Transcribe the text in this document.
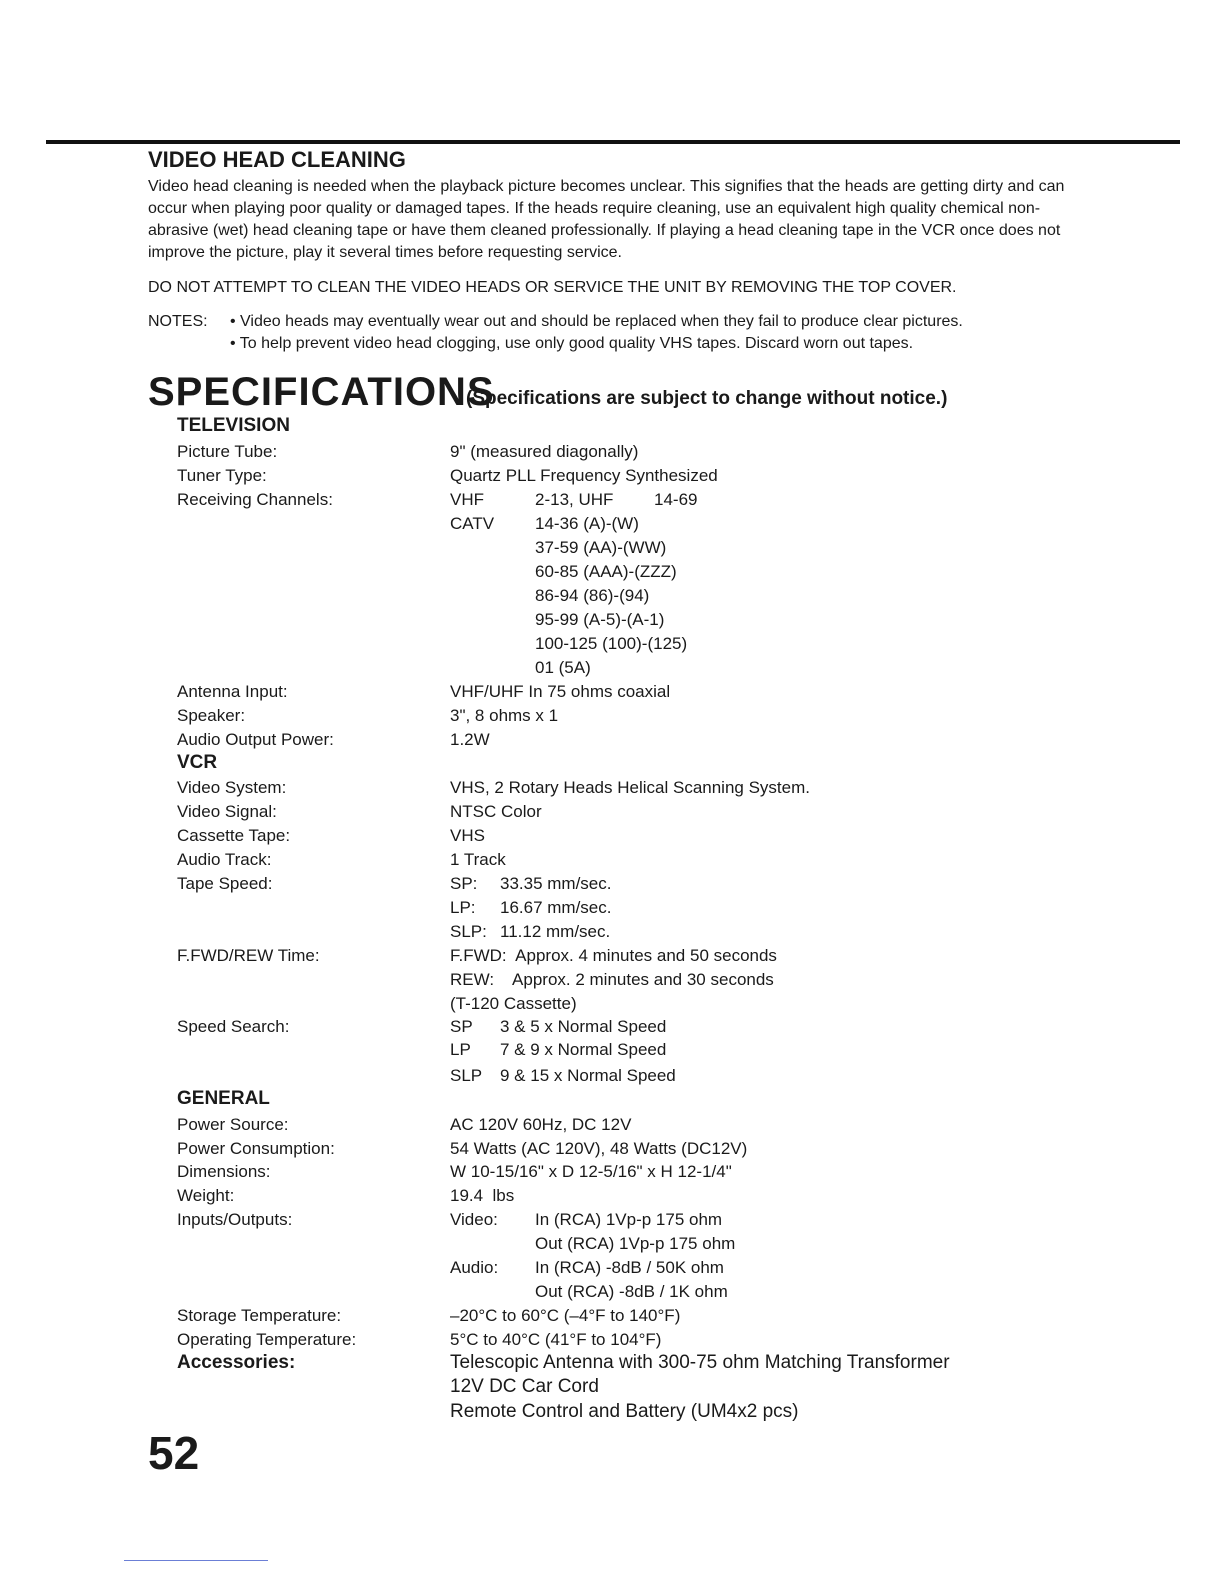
VIDEO HEAD CLEANING

Video head cleaning is needed when the playback picture becomes unclear. This signifies that the heads are getting dirty and can occur when playing poor quality or damaged tapes. If the heads require cleaning, use an equivalent high quality chemical non-abrasive (wet) head cleaning tape or have them cleaned professionally. If playing a head cleaning tape in the VCR once does not improve the picture, play it several times before requesting service.

DO NOT ATTEMPT TO CLEAN THE VIDEO HEADS OR SERVICE THE UNIT BY REMOVING THE TOP COVER.

NOTES: • Video heads may eventually wear out and should be replaced when they fail to produce clear pictures.
• To help prevent video head clogging, use only good quality VHS tapes. Discard worn out tapes.
SPECIFICATIONS
(Specifications are subject to change without notice.)
TELEVISION
Picture Tube:	9" (measured diagonally)
Tuner Type:	Quartz PLL Frequency Synthesized
Receiving Channels:	VHF	2-13, UHF 14-69
CATV 14-36 (A)-(W)
37-59 (AA)-(WW)
60-85 (AAA)-(ZZZ)
86-94 (86)-(94)
95-99 (A-5)-(A-1)
100-125 (100)-(125)
01 (5A)
Antenna Input:	VHF/UHF In 75 ohms coaxial
Speaker:	3", 8 ohms x 1
Audio Output Power:	1.2W
VCR
Video System:	VHS, 2 Rotary Heads Helical Scanning System.
Video Signal:	NTSC Color
Cassette Tape:	VHS
Audio Track:	1 Track
Tape Speed:	SP: 33.35 mm/sec.
LP: 16.67 mm/sec.
SLP: 11.12 mm/sec.
F.FWD/REW Time:	F.FWD:  Approx. 4 minutes and 50 seconds
REW:    Approx. 2 minutes and 30 seconds
(T-120 Cassette)
Speed Search:	SP 3 & 5 x Normal Speed
LP 7 & 9 x Normal Speed
SLP 9 & 15 x Normal Speed
GENERAL
Power Source:	AC 120V 60Hz, DC 12V
Power Consumption:	54 Watts (AC 120V), 48 Watts (DC12V)
Dimensions:	W 10-15/16" x D 12-5/16" x H 12-1/4"
Weight:	19.4  lbs
Inputs/Outputs:	Video: In (RCA) 1Vp-p 175 ohm
Out (RCA) 1Vp-p 175 ohm
Audio: In (RCA) -8dB / 50K ohm
Out (RCA) -8dB / 1K ohm
Storage Temperature:	–20°C to 60°C (–4°F to 140°F)
Operating Temperature:	5°C to 40°C (41°F to 104°F)
Accessories:	Telescopic Antenna with 300-75 ohm Matching Transformer
12V DC Car Cord
Remote Control and Battery (UM4x2 pcs)
52
